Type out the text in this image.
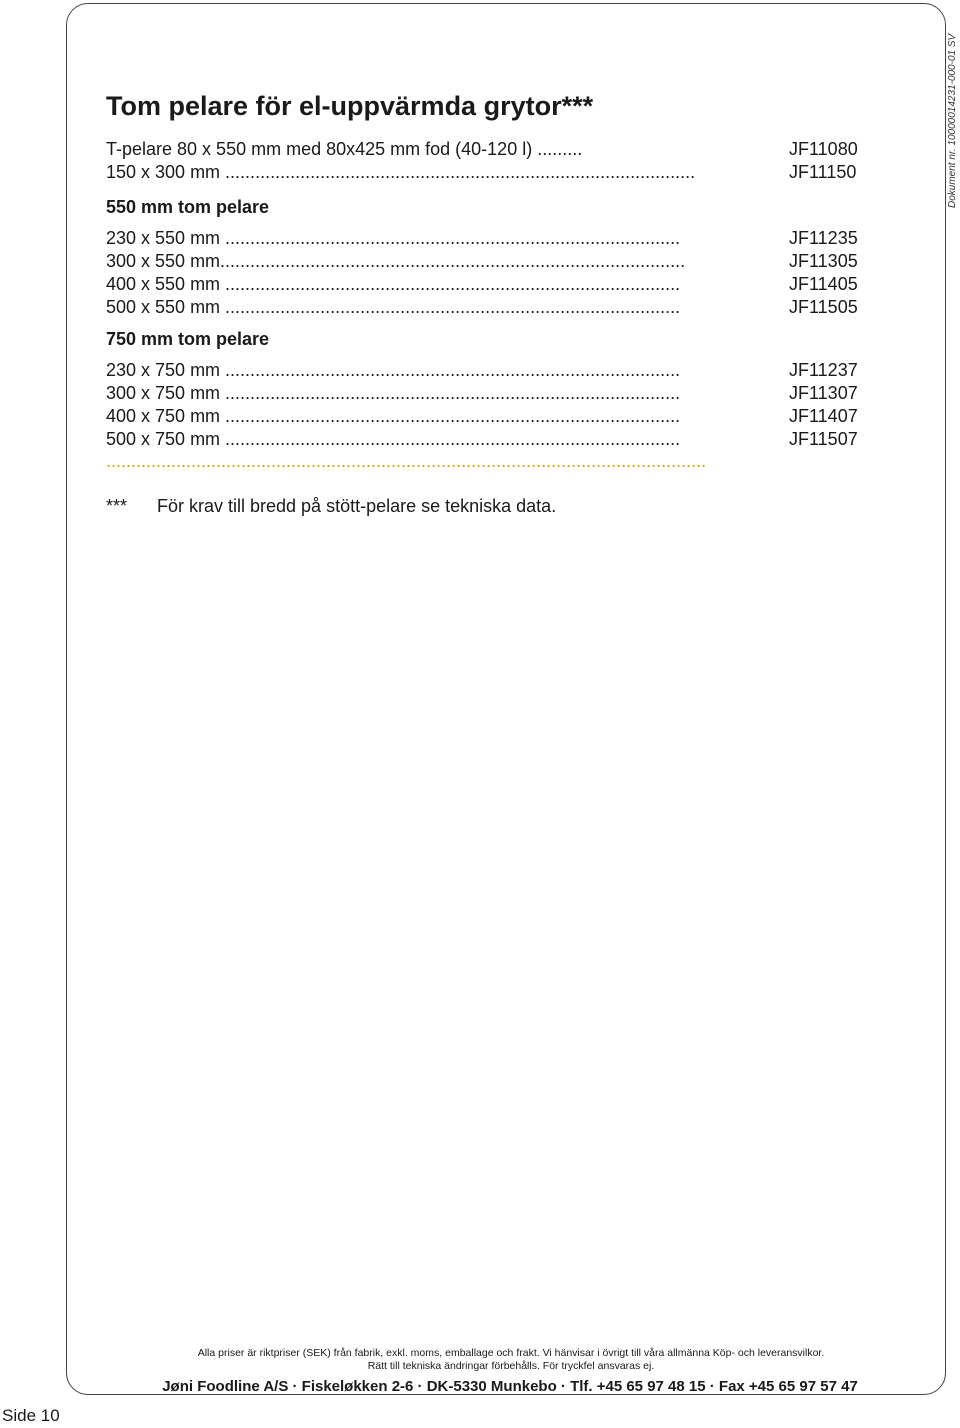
Tom pelare för el-uppvärmda grytor***
T-pelare 80 x 550 mm med 80x425 mm fod (40-120 l) .........	JF11080
150 x 300 mm ..............................................................................................	JF11150
230 x 550 mm ...........................................................................................	JF11235
300 x 550 mm.............................................................................................	JF11305
400 x 550 mm ...........................................................................................	JF11405
500 x 550 mm ...........................................................................................	JF11505
230 x 750 mm ...........................................................................................	JF11237
300 x 750 mm ...........................................................................................	JF11307
400 x 750 mm ...........................................................................................	JF11407
500 x 750 mm ...........................................................................................	JF11507
550 mm tom pelare
750 mm tom pelare
........................................................................................................................
*** För krav till bredd på stött-pelare se tekniska data.
Dokument nr. 10000014231-000-01 SV
Alla priser är riktpriser (SEK) från fabrik, exkl. moms, emballage och frakt. Vi hänvisar i övrigt till våra allmänna Köp- och leveransvilkor.
Rätt till tekniska ändringar förbehålls. För tryckfel ansvaras ej.
Jøni Foodline A/S · Fiskeløkken 2-6 · DK-5330 Munkebo · Tlf. +45 65 97 48 15 · Fax +45 65 97 57 47
Side 10
